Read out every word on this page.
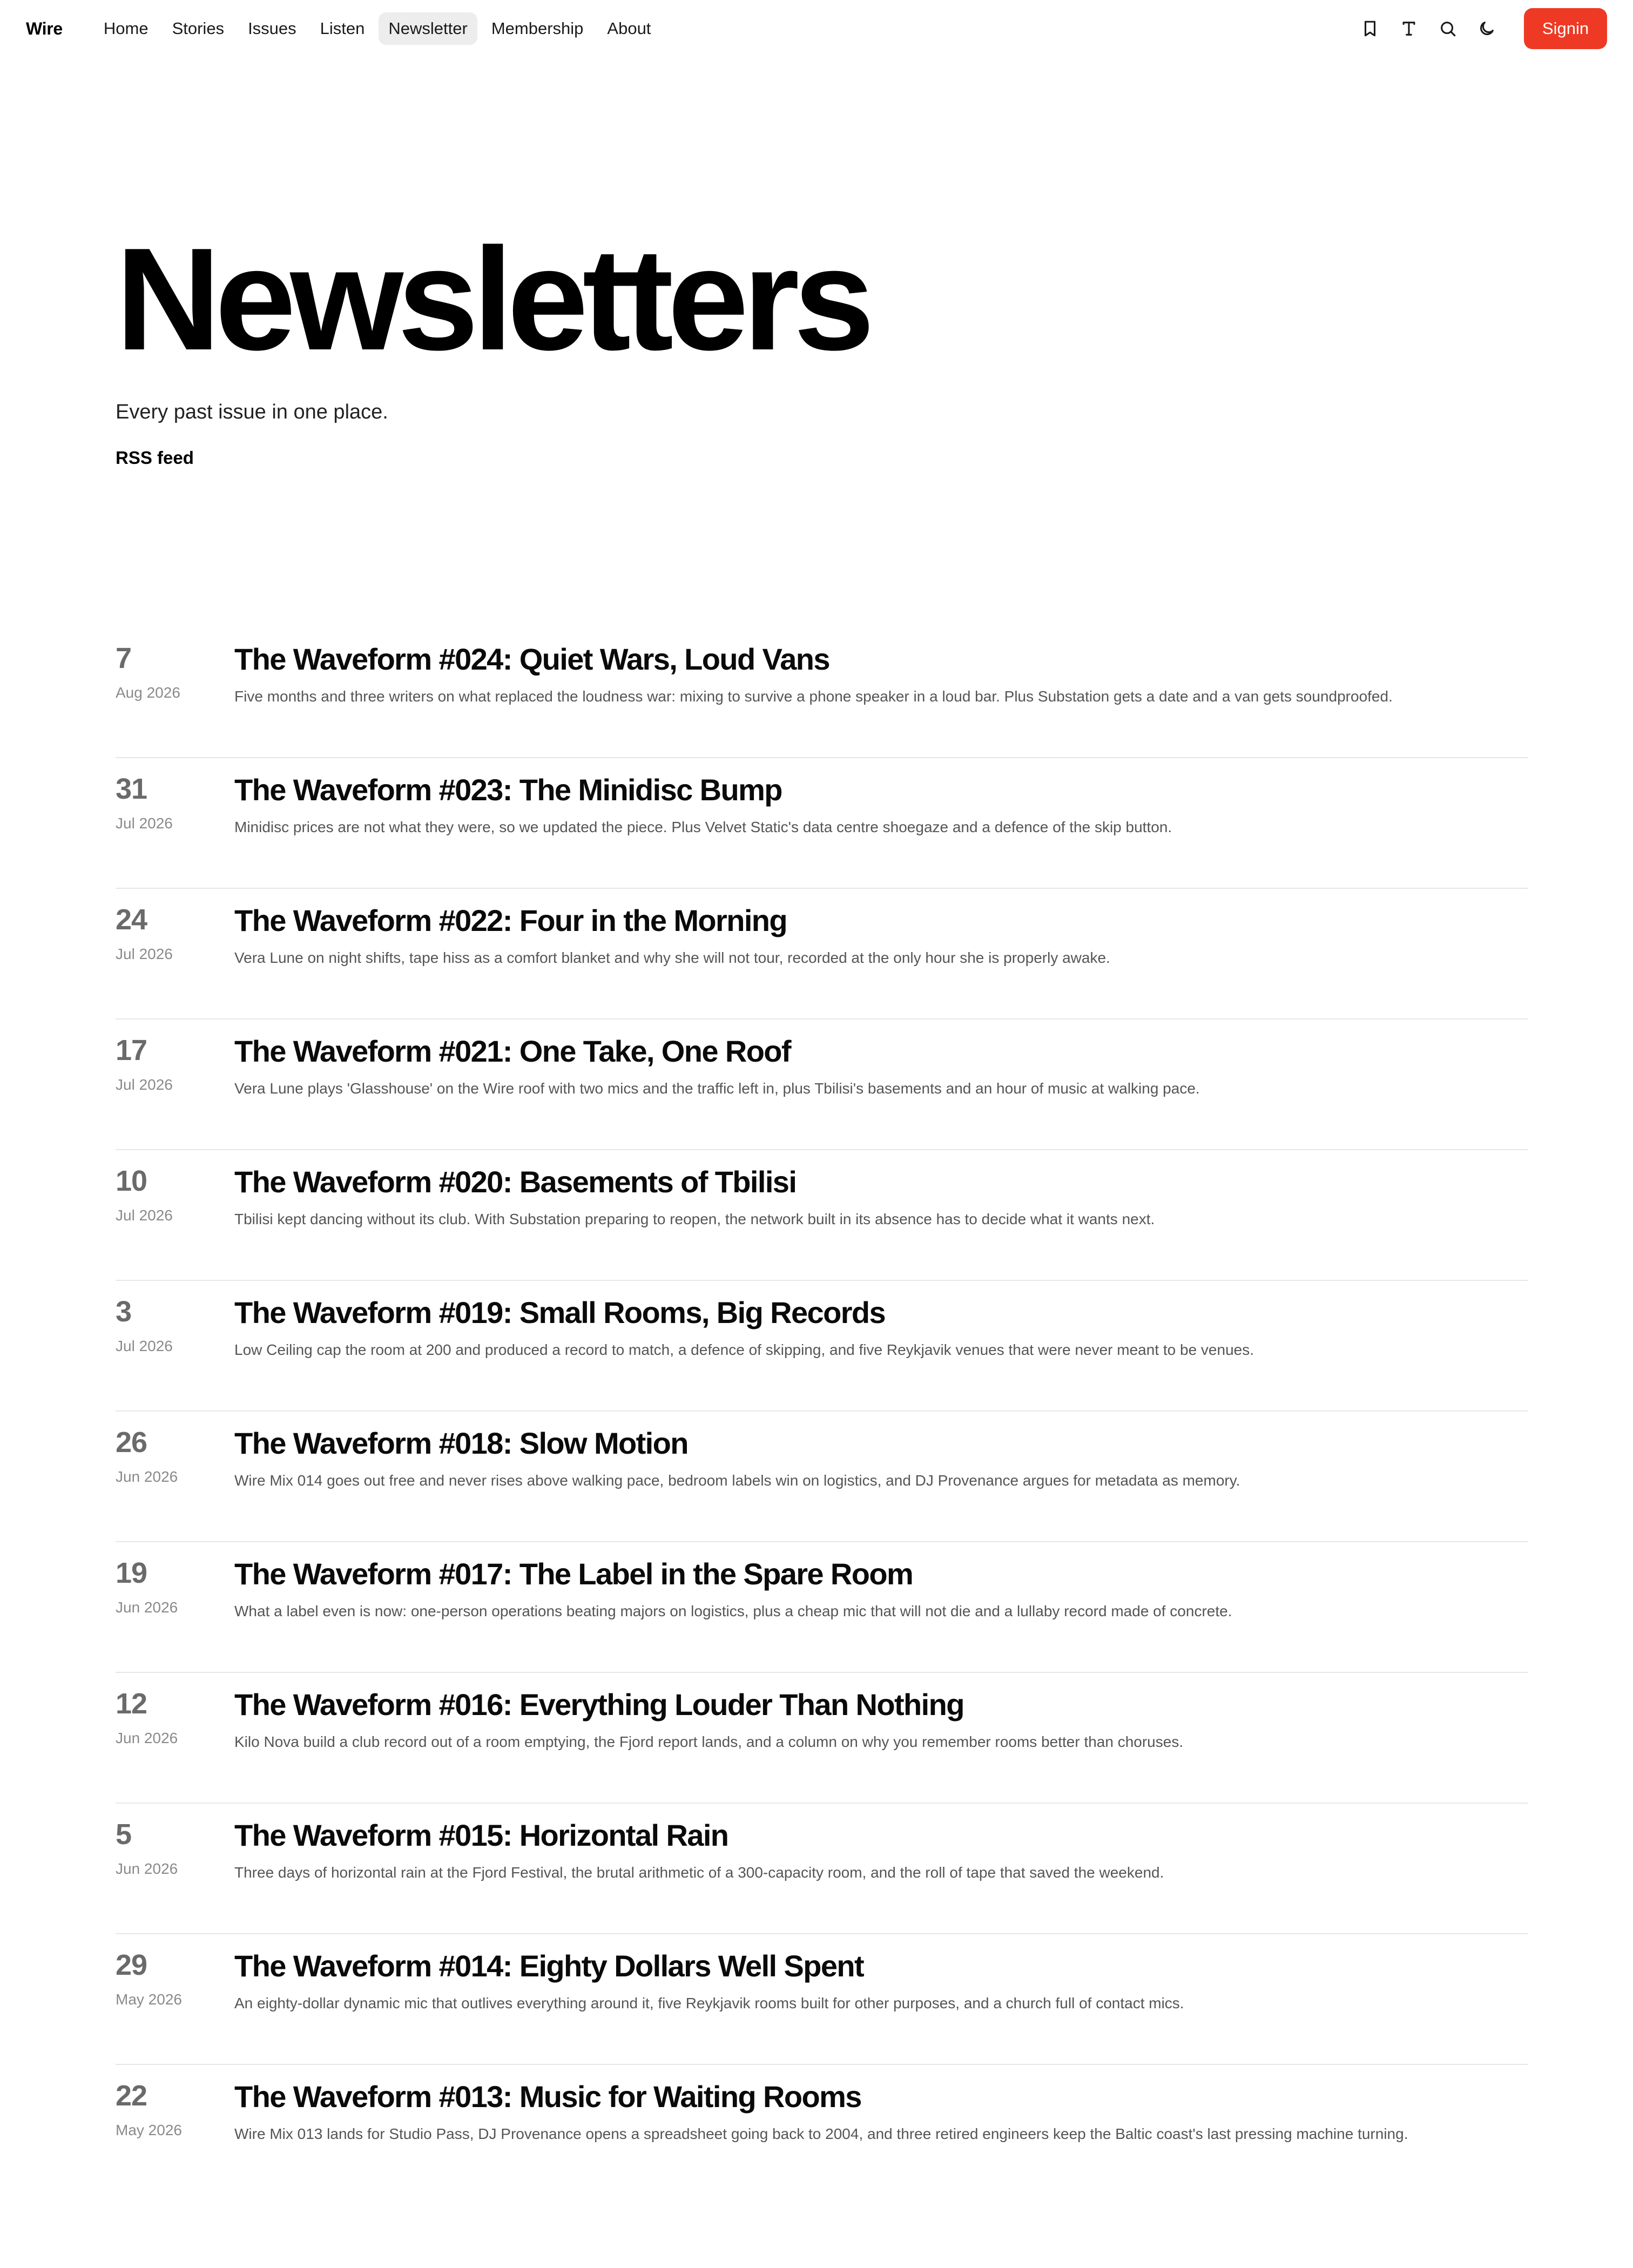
Wire	Home	Stories	Issues	Listen	Newsletter	Membership	About	Signin
Newsletters
Every past issue in one place.
RSS feed
7
Aug 2026
The Waveform #024: Quiet Wars, Loud Vans
Five months and three writers on what replaced the loudness war: mixing to survive a phone speaker in a loud bar. Plus Substation gets a date and a van gets soundproofed.
31
Jul 2026
The Waveform #023: The Minidisc Bump
Minidisc prices are not what they were, so we updated the piece. Plus Velvet Static's data centre shoegaze and a defence of the skip button.
24
Jul 2026
The Waveform #022: Four in the Morning
Vera Lune on night shifts, tape hiss as a comfort blanket and why she will not tour, recorded at the only hour she is properly awake.
17
Jul 2026
The Waveform #021: One Take, One Roof
Vera Lune plays 'Glasshouse' on the Wire roof with two mics and the traffic left in, plus Tbilisi's basements and an hour of music at walking pace.
10
Jul 2026
The Waveform #020: Basements of Tbilisi
Tbilisi kept dancing without its club. With Substation preparing to reopen, the network built in its absence has to decide what it wants next.
3
Jul 2026
The Waveform #019: Small Rooms, Big Records
Low Ceiling cap the room at 200 and produced a record to match, a defence of skipping, and five Reykjavik venues that were never meant to be venues.
26
Jun 2026
The Waveform #018: Slow Motion
Wire Mix 014 goes out free and never rises above walking pace, bedroom labels win on logistics, and DJ Provenance argues for metadata as memory.
19
Jun 2026
The Waveform #017: The Label in the Spare Room
What a label even is now: one-person operations beating majors on logistics, plus a cheap mic that will not die and a lullaby record made of concrete.
12
Jun 2026
The Waveform #016: Everything Louder Than Nothing
Kilo Nova build a club record out of a room emptying, the Fjord report lands, and a column on why you remember rooms better than choruses.
5
Jun 2026
The Waveform #015: Horizontal Rain
Three days of horizontal rain at the Fjord Festival, the brutal arithmetic of a 300-capacity room, and the roll of tape that saved the weekend.
29
May 2026
The Waveform #014: Eighty Dollars Well Spent
An eighty-dollar dynamic mic that outlives everything around it, five Reykjavik rooms built for other purposes, and a church full of contact mics.
22
May 2026
The Waveform #013: Music for Waiting Rooms
Wire Mix 013 lands for Studio Pass, DJ Provenance opens a spreadsheet going back to 2004, and three retired engineers keep the Baltic coast's last pressing machine turning.
